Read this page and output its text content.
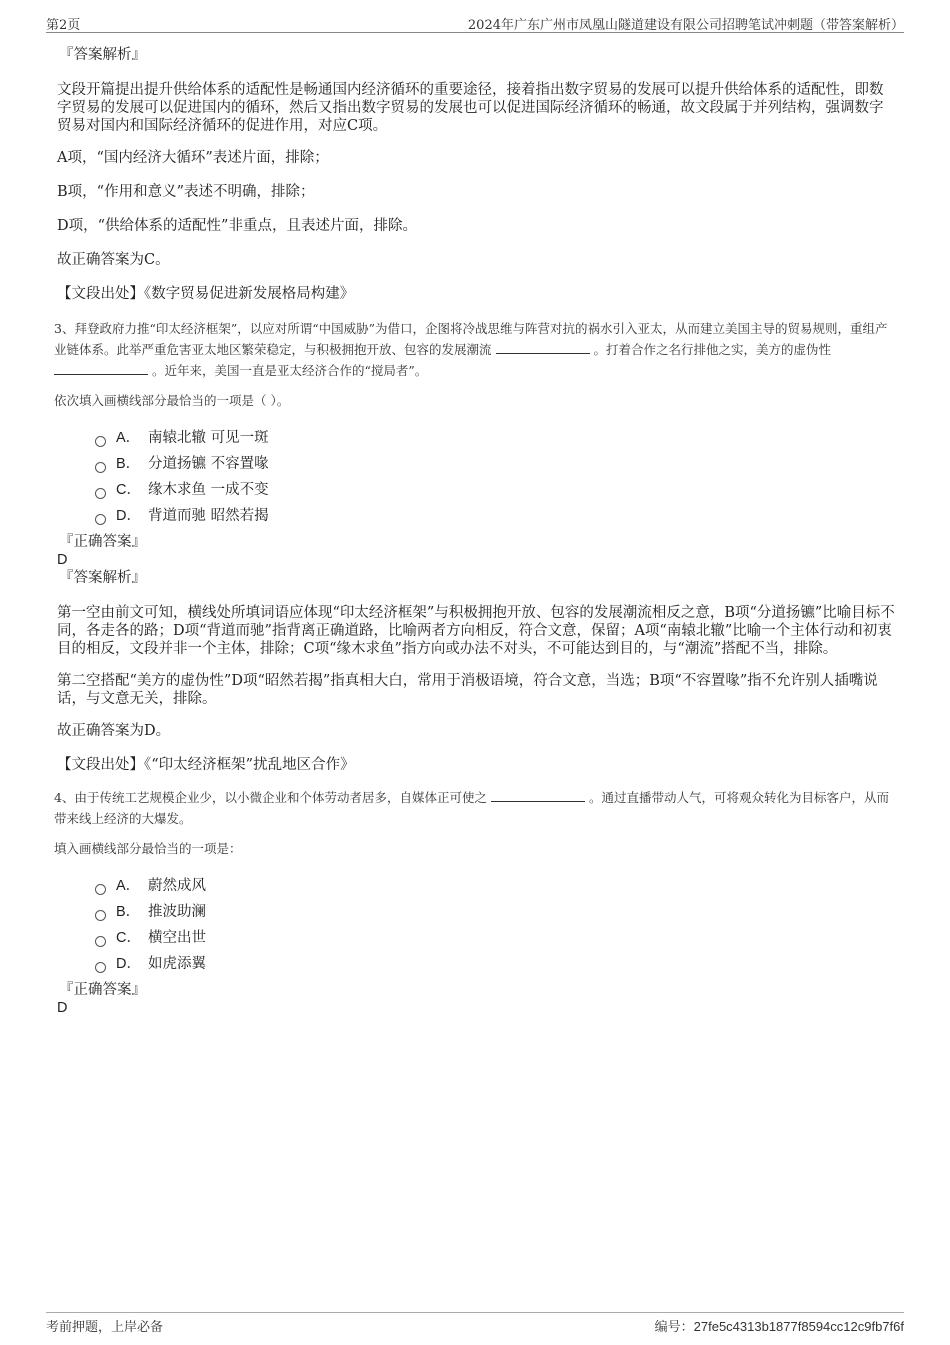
第2页	2024年广东广州市凤凰山隧道建设有限公司招聘笔试冲刺题（带答案解析）
『答案解析』

文段开篇提出提升供给体系的适配性是畅通国内经济循环的重要途径，接着指出数字贸易的发展可以提升供给体系的适配性，即数字贸易的发展可以促进国内的循环，然后又指出数字贸易的发展也可以促进国际经济循环的畅通，故文段属于并列结构，强调数字贸易对国内和国际经济循环的促进作用，对应C项。

A项，“国内经济大循环”表述片面，排除；

B项，“作用和意义”表述不明确，排除；

D项，“供给体系的适配性”非重点，且表述片面，排除。

故正确答案为C。

【文段出处】《数字贸易促进新发展格局构建》

3、拜登政府力推“印太经济框架”，以应对所谓“中国威胁”为借口，企图将冷战思维与阵营对抗的祸水引入亚太，从而建立美国主导的贸易规则，重组产业链体系。此举严重危害亚太地区繁荣稳定，与积极拥抱开放、包容的发展潮流	。打着合作之名行排他之实，美方的虚伪性  。近年来，美国一直是亚太经济合作的“搅局者”。
依次填入画横线部分最恰当的一项是（ ）。
A． 南辕北辙 可见一斑
B． 分道扬镳 不容置喙
C． 缘木求鱼 一成不变
D． 背道而驰 昭然若揭
『正确答案』
D
『答案解析』

第一空由前文可知，横线处所填词语应体现“印太经济框架”与积极拥抱开放、包容的发展潮流相反之意，B项“分道扬镳”比喻目标不同，各走各的路；D项“背道而驰”指背离正确道路，比喻两者方向相反，符合文意，保留；A项“南辕北辙”比喻一个主体行动和初衷目的相反，文段并非一个主体，排除；C项“缘木求鱼”指方向或办法不对头，不可能达到目的，与“潮流”搭配不当，排除。

第二空搭配“美方的虚伪性”D项“昭然若揭”指真相大白，常用于消极语境，符合文意，当选；B项“不容置喙”指不允许别人插嘴说话，与文意无关，排除。

故正确答案为D。

【文段出处】《“印太经济框架”扰乱地区合作》

4、由于传统工艺规模企业少，以小微企业和个体劳动者居多，自媒体正可使之	。通过直播带动人气，可将观众转化为目标客户，从而带来线上经济的大爆发。
填入画横线部分最恰当的一项是：
A． 蔚然成风
B． 推波助澜
C． 横空出世
D． 如虎添翼
『正确答案』
D
考前押题，上岸必备	编号：27fe5c4313b1877f8594cc12c9fb7f6f
